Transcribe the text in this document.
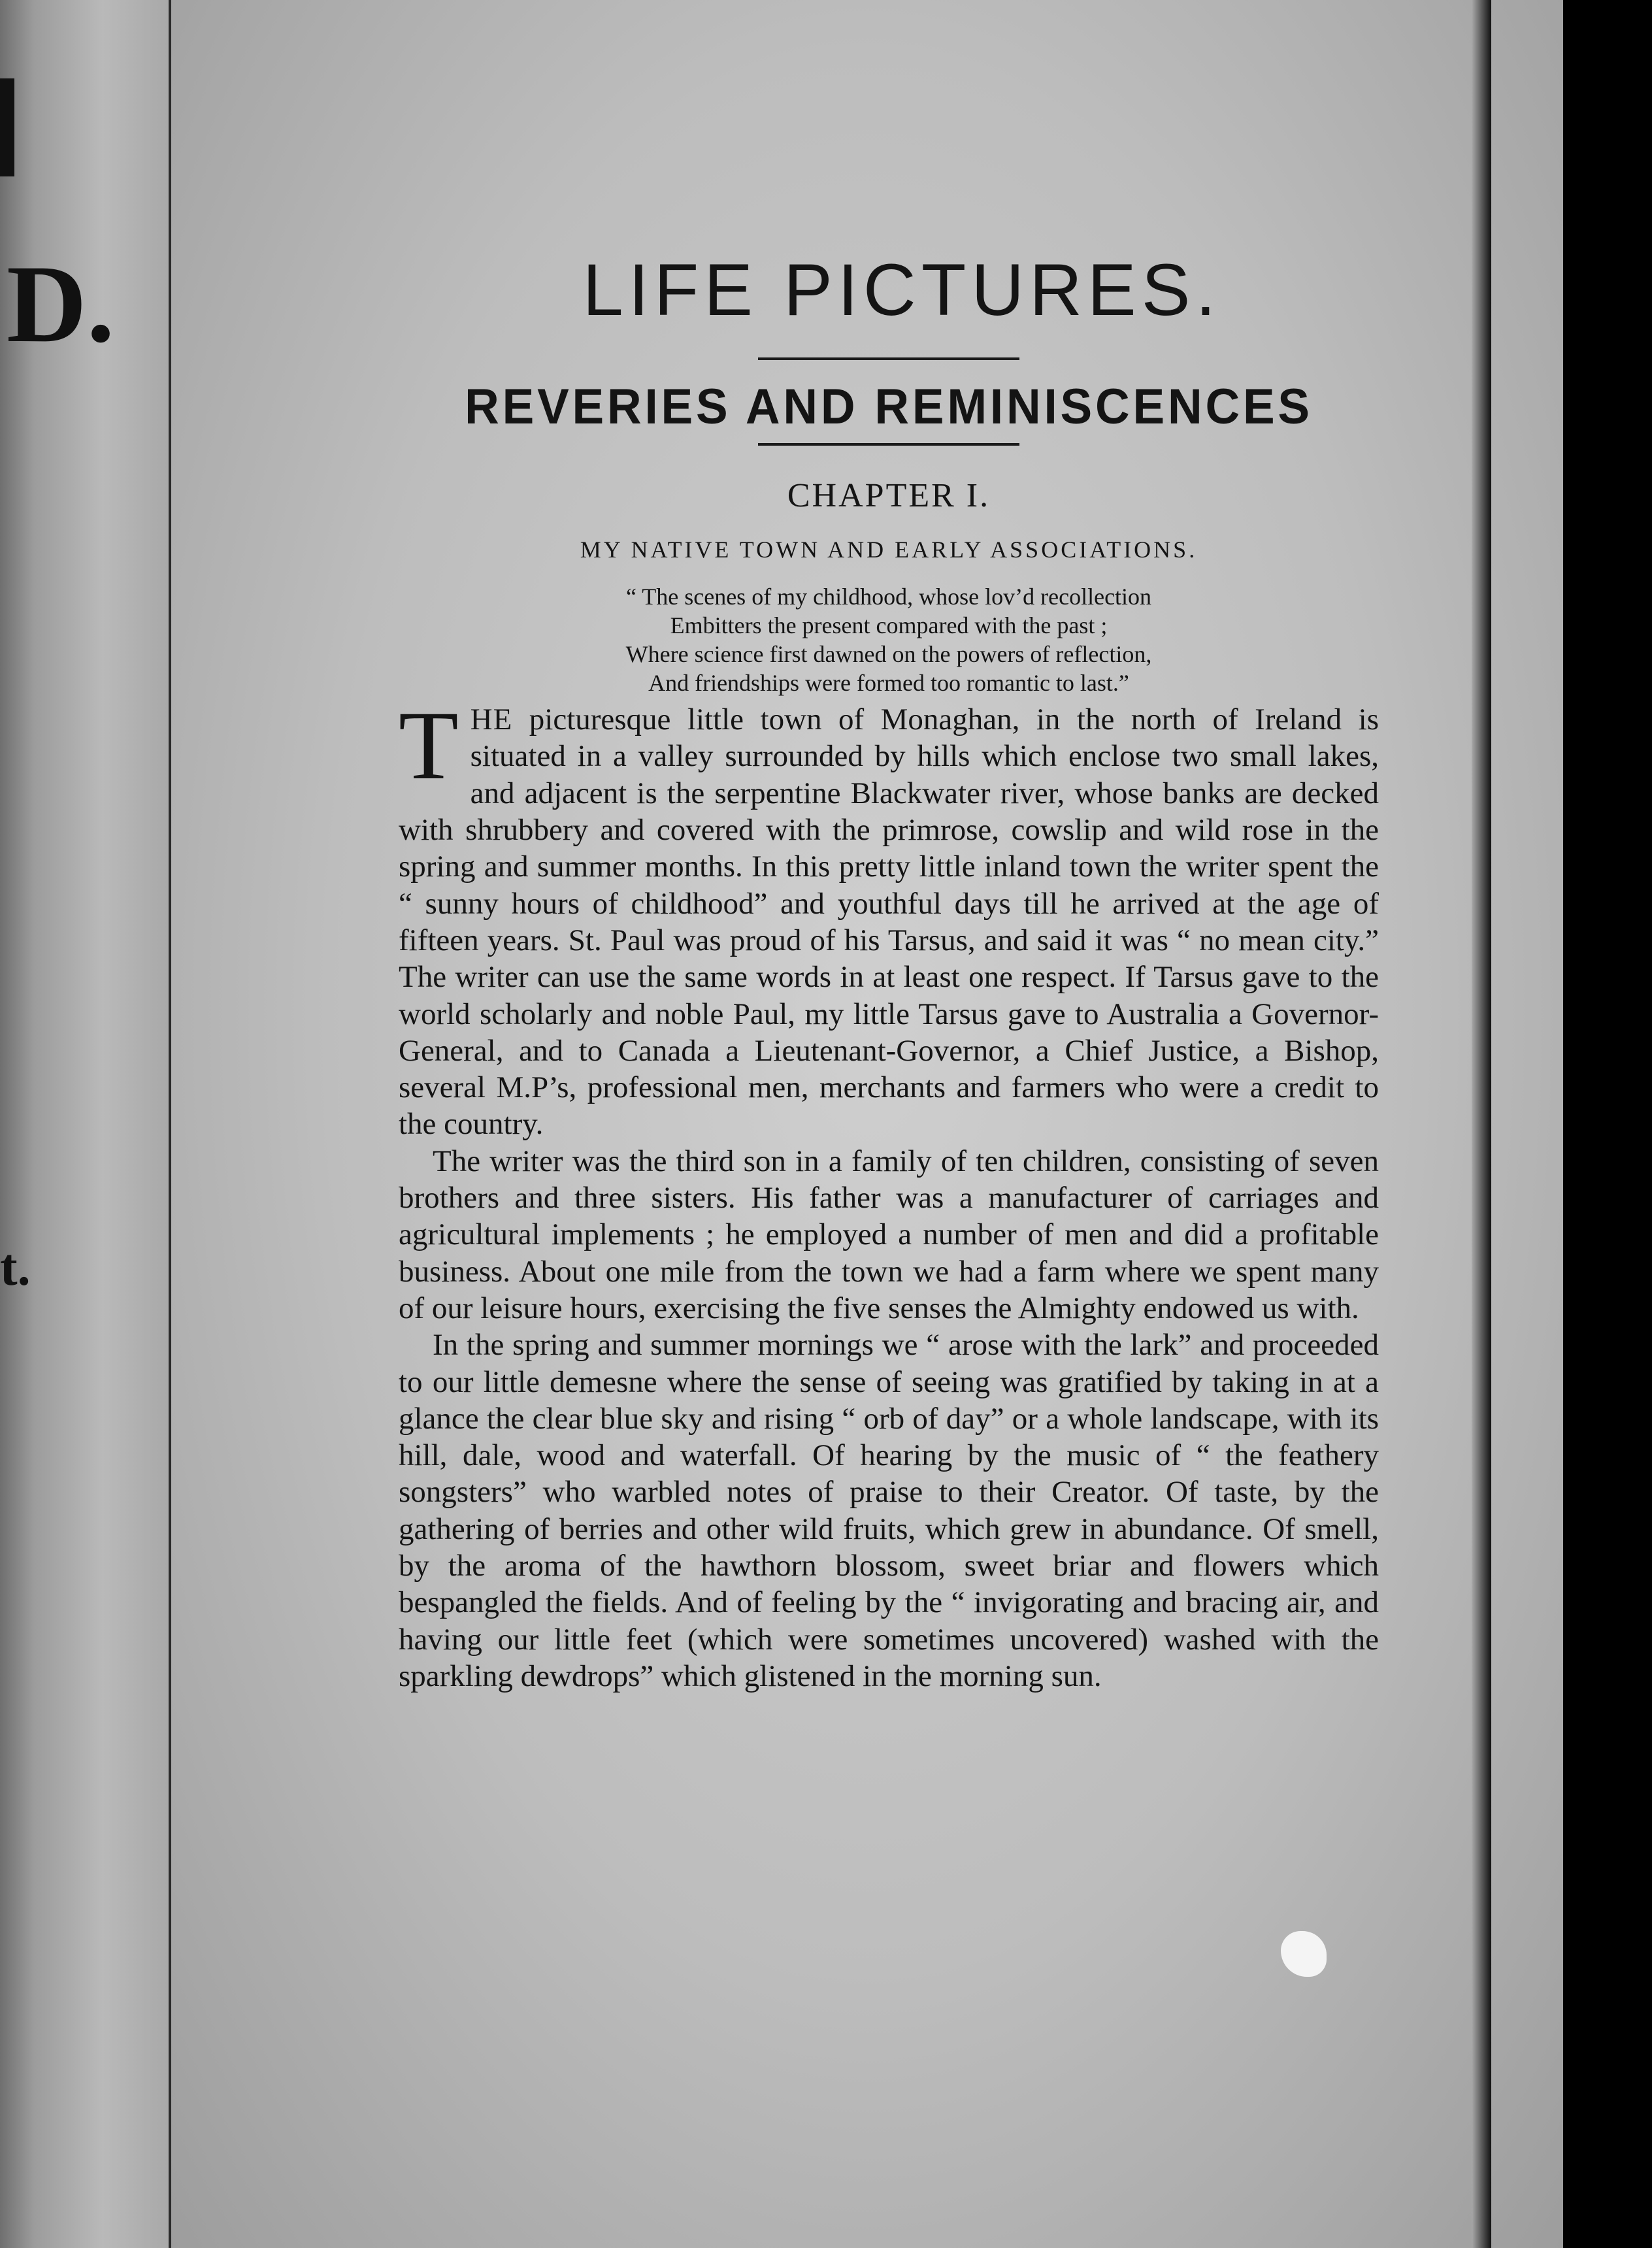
D.
t.
LIFE PICTURES.
REVERIES AND REMINISCENCES
CHAPTER I.
MY NATIVE TOWN AND EARLY ASSOCIATIONS.
“ The scenes of my childhood, whose lov’d recollection
Embitters the present compared with the past ;
Where science first dawned on the powers of reflection,
And friendships were formed too romantic to last.”

THE picturesque little town of Monaghan, in the north of Ireland is situated in a valley surrounded by hills which enclose two small lakes, and adjacent is the serpentine Blackwater river, whose banks are decked with shrubbery and covered with the primrose, cowslip and wild rose in the spring and summer months. In this pretty little inland town the writer spent the “ sunny hours of childhood” and youthful days till he arrived at the age of fifteen years. St. Paul was proud of his Tarsus, and said it was “ no mean city.” The writer can use the same words in at least one respect. If Tarsus gave to the world scholarly and noble Paul, my little Tarsus gave to Australia a Governor-General, and to Canada a Lieutenant-Governor, a Chief Justice, a Bishop, several M.P’s, professional men, merchants and farmers who were a credit to the country.

The writer was the third son in a family of ten children, consisting of seven brothers and three sisters. His father was a manufacturer of carriages and agricultural implements ; he employed a number of men and did a profitable business. About one mile from the town we had a farm where we spent many of our leisure hours, exercising the five senses the Almighty endowed us with.

In the spring and summer mornings we “ arose with the lark” and proceeded to our little demesne where the sense of seeing was gratified by taking in at a glance the clear blue sky and rising “ orb of day” or a whole landscape, with its hill, dale, wood and waterfall. Of hearing by the music of “ the feathery songsters” who warbled notes of praise to their Creator. Of taste, by the gathering of berries and other wild fruits, which grew in abundance. Of smell, by the aroma of the hawthorn blossom, sweet briar and flowers which bespangled the fields. And of feeling by the “ invigorating and bracing air, and having our little feet (which were sometimes uncovered) washed with the sparkling dewdrops” which glistened in the morning sun.
